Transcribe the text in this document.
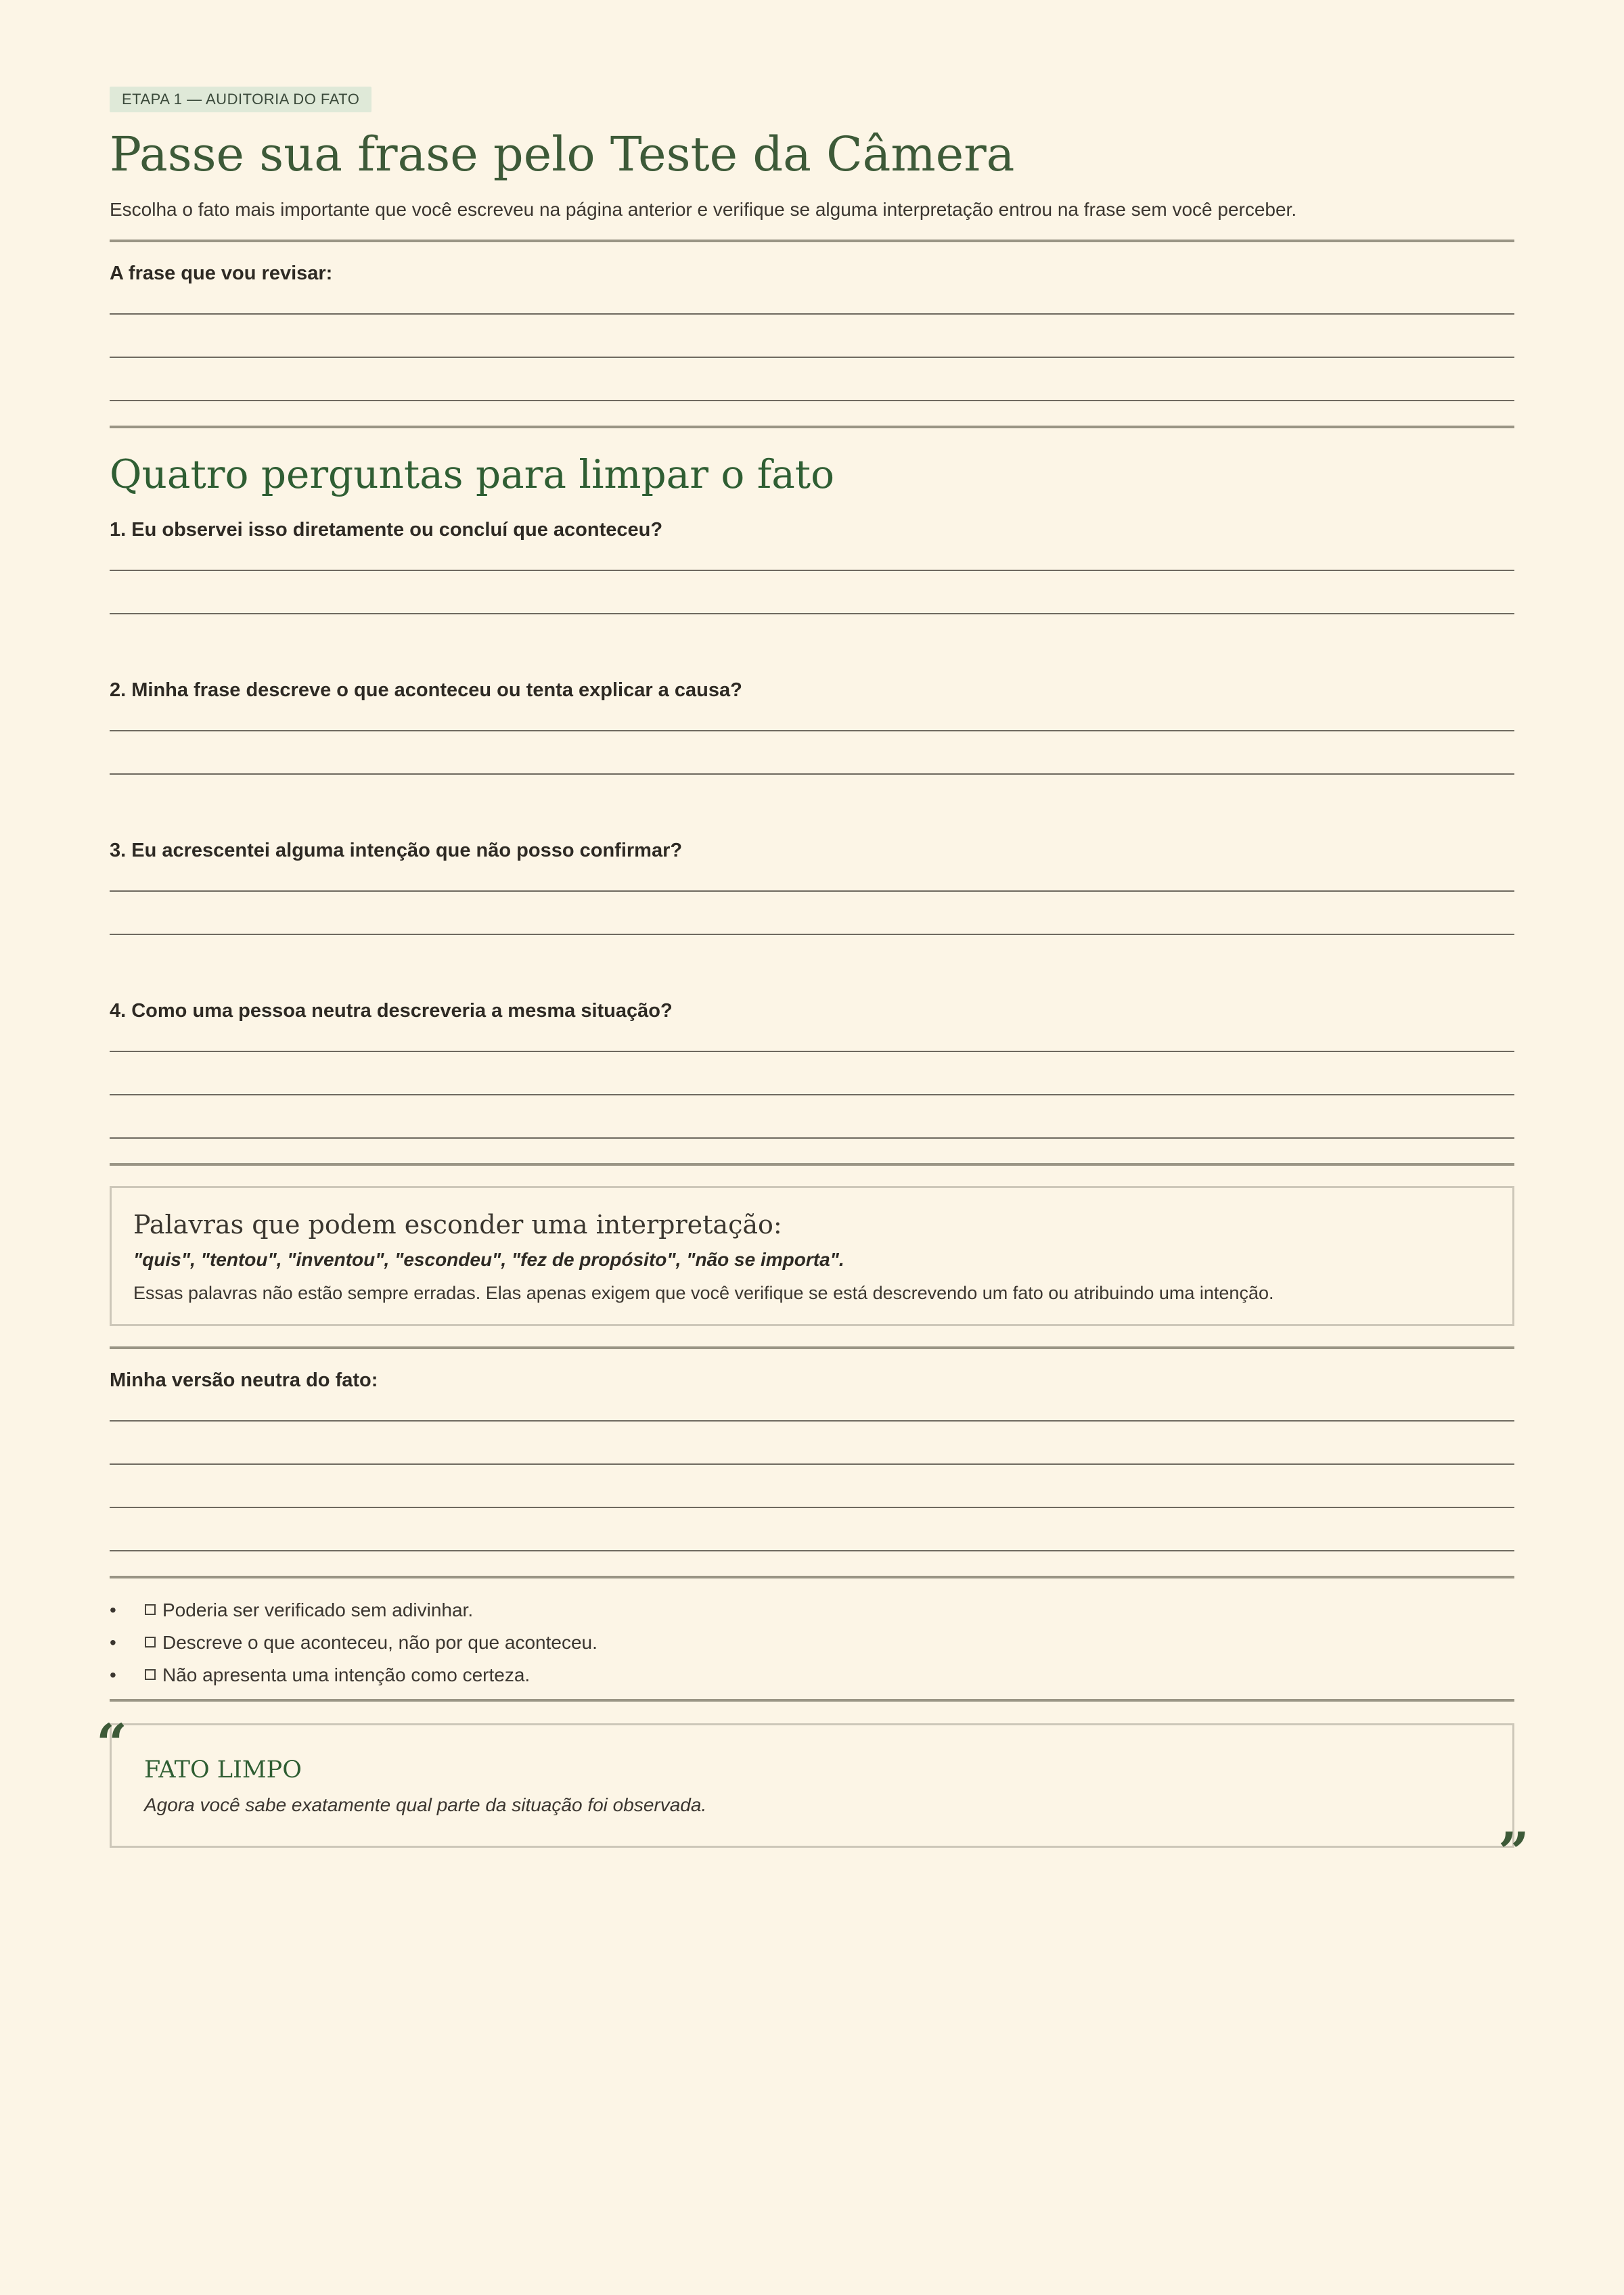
ETAPA 1 — AUDITORIA DO FATO
Passe sua frase pelo Teste da Câmera

Escolha o fato mais importante que você escreveu na página anterior e verifique se alguma interpretação entrou na frase sem você perceber.

A frase que vou revisar:
Quatro perguntas para limpar o fato
1. Eu observei isso diretamente ou concluí que aconteceu?
2. Minha frase descreve o que aconteceu ou tenta explicar a causa?
3. Eu acrescentei alguma intenção que não posso confirmar?
4. Como uma pessoa neutra descreveria a mesma situação?
Palavras que podem esconder uma interpretação:
"quis", "tentou", "inventou", "escondeu", "fez de propósito", "não se importa".
Essas palavras não estão sempre erradas. Elas apenas exigem que você verifique se está descrevendo um fato ou atribuindo uma intenção.
Minha versão neutra do fato:
• Poderia ser verificado sem adivinhar.
• Descreve o que aconteceu, não por que aconteceu.
• Não apresenta uma intenção como certeza.
“ FATO LIMPO
Agora você sabe exatamente qual parte da situação foi observada.
”
